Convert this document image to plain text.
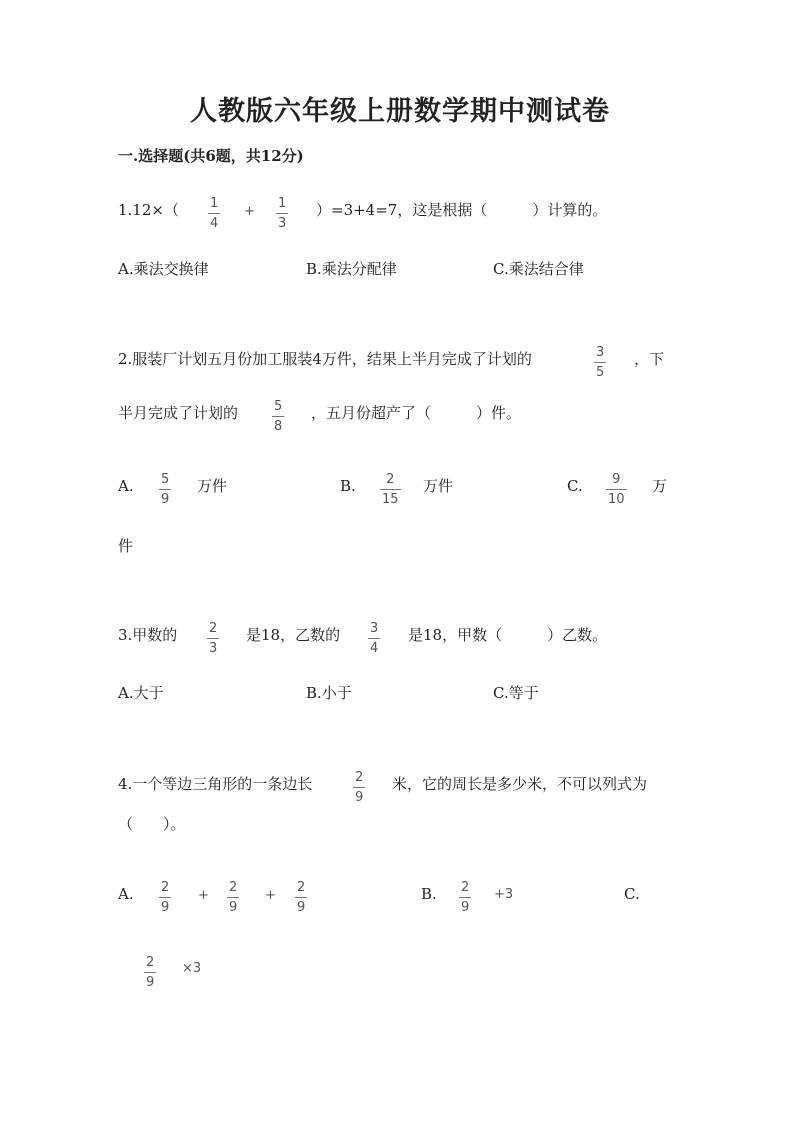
人教版六年级上册数学期中测试卷
一.选择题(共6题，共12分)
1.12×（ 1
4
+
1
3
）=3+4=7，这是根据（　　　）计算的。
A.乘法交换律	B.乘法分配律	C.乘法结合律
2.服装厂计划五月份加工服装4万件，结果上半月完成了计划的	3
5
，下
半月完成了计划的	5
8
，五月份超产了（　　　）件。
A. 5
9
万件	B. 2
15
万件	C. 9
10
万
件
3.甲数的 2
3
是18，乙数的 3
4
是18，甲数（　　　）乙数。
A.大于	B.小于	C.等于
4.一个等边三角形的一条边长	2
9
米，它的周长是多少米，不可以列式为
（　　）。
A. 2
9
+
2
9
+
2
9
B. 2
9
+3	C.
2
9
×3
